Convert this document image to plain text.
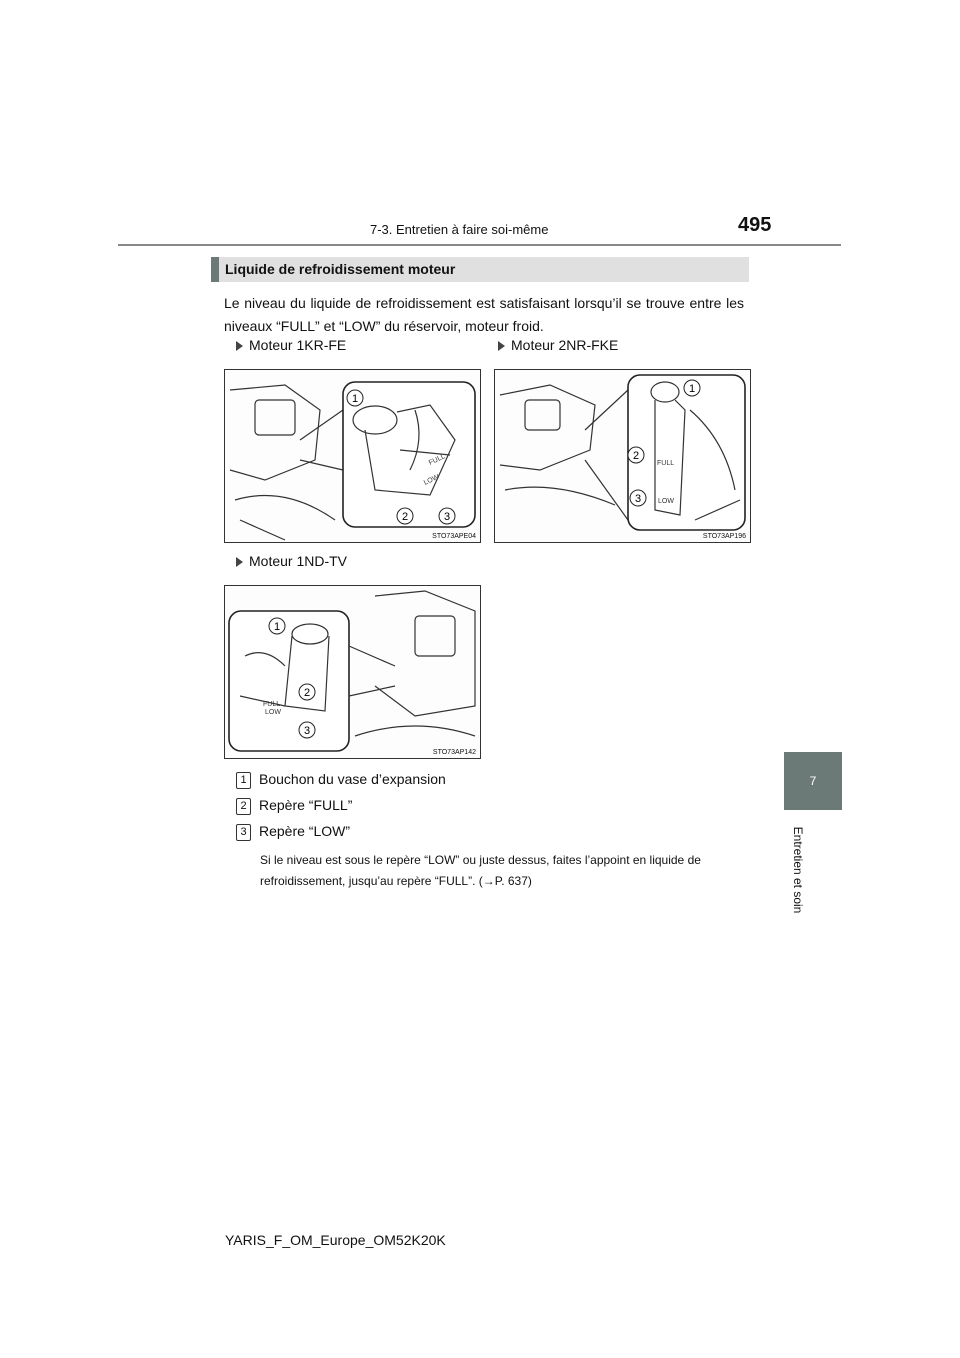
7-3. Entretien à faire soi-même	495
7
Entretien et soin
Liquide de refroidissement moteur
Le niveau du liquide de refroidissement est satisfaisant lorsqu’il se trouve entre les niveaux “FULL” et “LOW” du réservoir, moteur froid.
Moteur 1KR-FE
FULL
LOW
1
2	3
STO73APE04
Moteur 2NR-FKE
FULL
LOW
1
2
3
STO73AP196
Moteur 1ND-TV
FULL
LOW
1
2
3
STO73AP142
1 Bouchon du vase d’expansion
2 Repère “FULL”
3 Repère “LOW”
Si le niveau est sous le repère “LOW” ou juste dessus, faites l’appoint en liquide de refroidissement, jusqu’au repère “FULL”. (→P. 637)
YARIS_F_OM_Europe_OM52K20K
